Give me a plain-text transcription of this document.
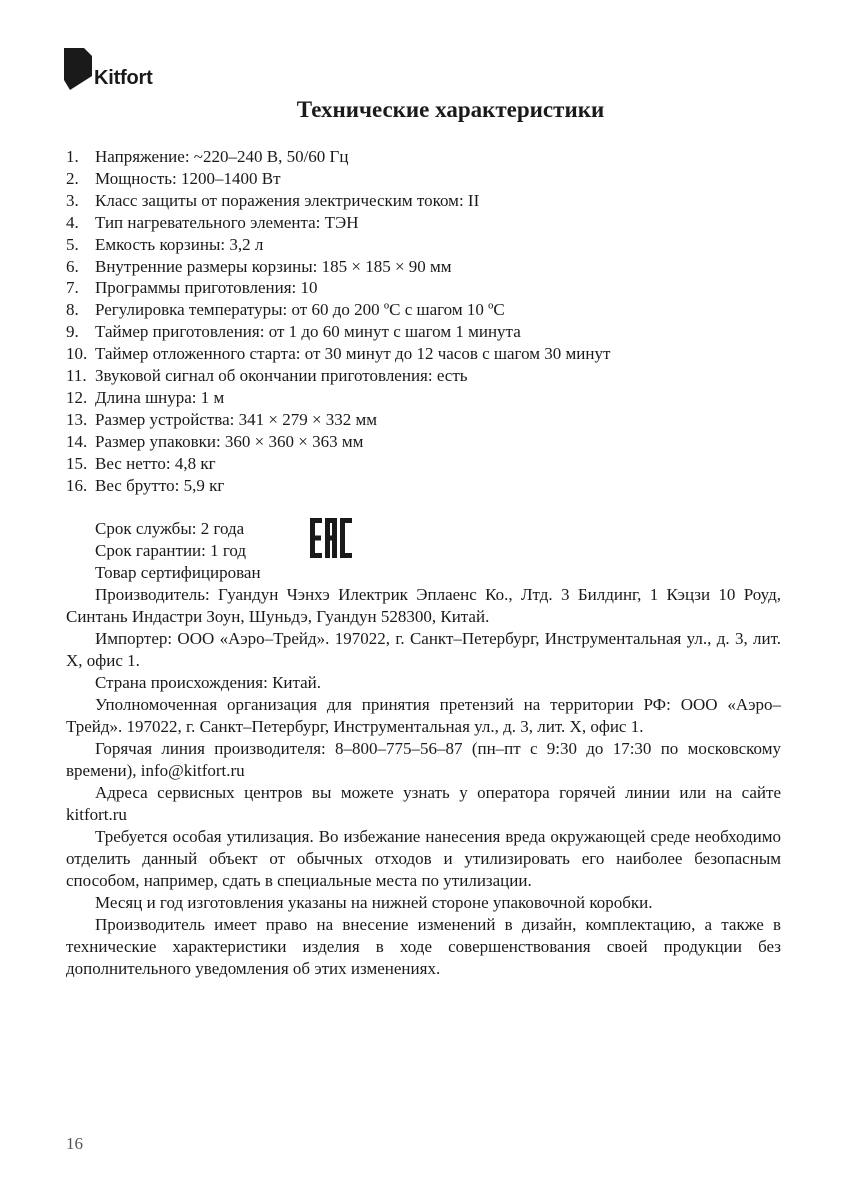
Kitfort
Технические характеристики
1. Напряжение: ~220–240 В, 50/60 Гц
2. Мощность: 1200–1400 Вт
3. Класс защиты от поражения электрическим током: II
4. Тип нагревательного элемента: ТЭН
5. Емкость корзины: 3,2 л
6. Внутренние размеры корзины: 185 × 185 × 90 мм
7. Программы приготовления: 10
8. Регулировка температуры: от 60 до 200 ºС с шагом 10 ºС
9. Таймер приготовления: от 1 до 60 минут с шагом 1 минута
10. Таймер отложенного старта: от 30 минут до 12 часов с шагом 30 минут
11. Звуковой сигнал об окончании приготовления: есть
12. Длина шнура: 1 м
13. Размер устройства: 341 × 279 × 332 мм
14. Размер упаковки: 360 × 360 × 363 мм
15. Вес нетто: 4,8 кг
16. Вес брутто: 5,9 кг
Срок службы: 2 года
Срок гарантии: 1 год
Товар сертифицирован

Производитель: Гуандун Чэнхэ Илектрик Эплаенс Ко., Лтд. 3 Билдинг, 1 Кэцзи 10 Роуд, Синтань Индастри Зоун, Шуньдэ, Гуандун 528300, Китай.

Импортер: ООО «Аэро–Трейд». 197022, г. Санкт–Петербург, Инструментальная ул., д. 3, лит. Х, офис 1.

Страна происхождения: Китай.

Уполномоченная организация для принятия претензий на территории РФ: ООО «Аэро–Трейд». 197022, г. Санкт–Петербург, Инструментальная ул., д. 3, лит. Х, офис 1.

Горячая линия производителя: 8–800–775–56–87 (пн–пт с 9:30 до 17:30 по московскому времени), info@kitfort.ru

Адреса сервисных центров вы можете узнать у оператора горячей линии или на сайте kitfort.ru

Требуется особая утилизация. Во избежание нанесения вреда окружающей среде необходимо отделить данный объект от обычных отходов и утилизировать его наиболее безопасным способом, например, сдать в специальные места по утилизации.

Месяц и год изготовления указаны на нижней стороне упаковочной коробки.

Производитель имеет право на внесение изменений в дизайн, комплектацию, а также в технические характеристики изделия в ходе совершенствования своей продукции без дополнительного уведомления об этих изменениях.

16
